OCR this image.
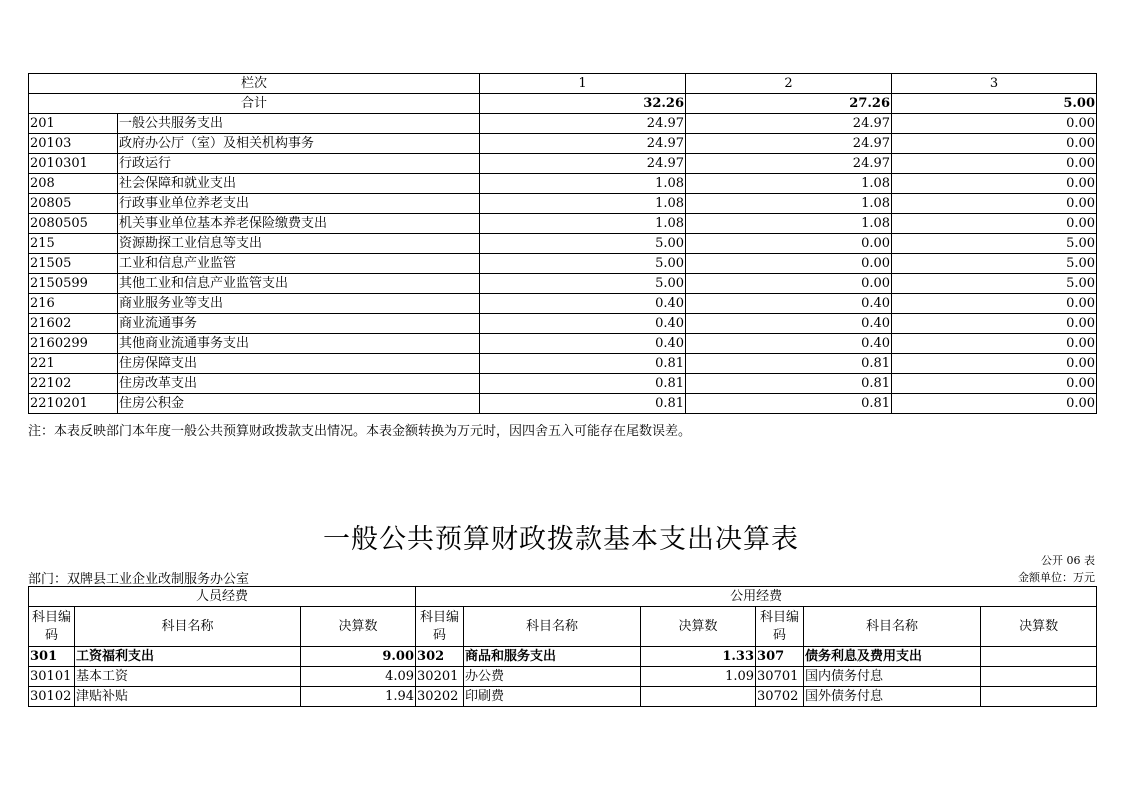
栏次		1	2	3
合计		32.26	27.26	5.00
201	一般公共服务支出	24.97	24.97	0.00
20103	政府办公厅（室）及相关机构事务	24.97	24.97	0.00
2010301	行政运行	24.97	24.97	0.00
208	社会保障和就业支出	1.08	1.08	0.00
20805	行政事业单位养老支出	1.08	1.08	0.00
2080505	机关事业单位基本养老保险缴费支出	1.08	1.08	0.00
215	资源勘探工业信息等支出	5.00	0.00	5.00
21505	工业和信息产业监管	5.00	0.00	5.00
2150599	其他工业和信息产业监管支出	5.00	0.00	5.00
216	商业服务业等支出	0.40	0.40	0.00
21602	商业流通事务	0.40	0.40	0.00
2160299	其他商业流通事务支出	0.40	0.40	0.00
221	住房保障支出	0.81	0.81	0.00
22102	住房改革支出	0.81	0.81	0.00
2210201	住房公积金	0.81	0.81	0.00
注：本表反映部门本年度一般公共预算财政拨款支出情况。本表金额转换为万元时，因四舍五入可能存在尾数误差。
一般公共预算财政拨款基本支出决算表
公开 06 表
部门：双牌县工业企业改制服务办公室	金额单位：万元
人员经费			公用经费					
科目编码	科目名称	决算数	科目编码	科目名称	决算数	科目编码	科目名称	决算数
301	工资福利支出	9.00	302	商品和服务支出	1.33	307	债务利息及费用支出	
30101	基本工资	4.09	30201	办公费	1.09	30701	国内债务付息	
30102	津贴补贴	1.94	30202	印刷费		30702	国外债务付息	
